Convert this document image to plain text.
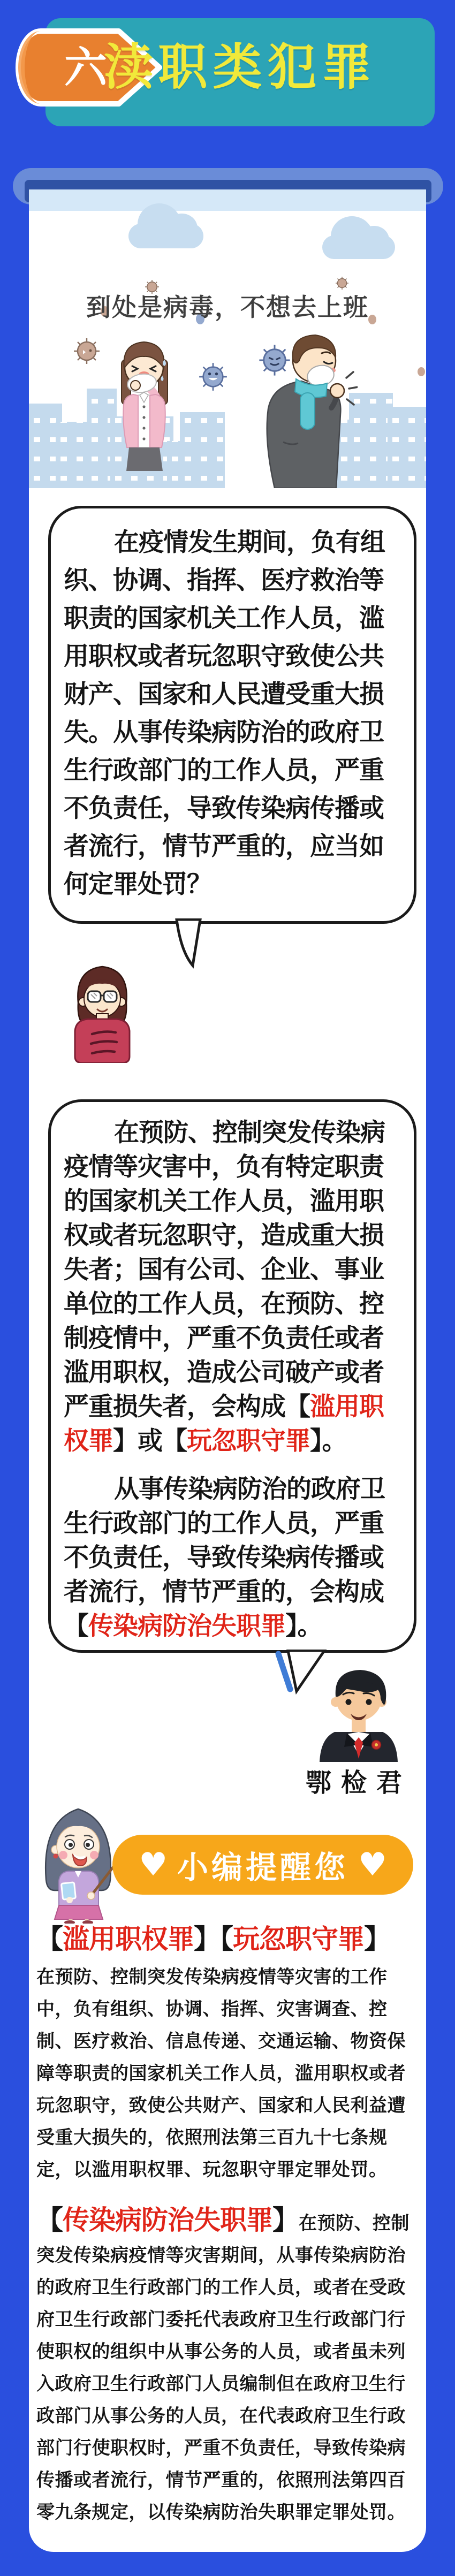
六
渎职类犯罪
到处是病毒，不想去上班

在疫情发生期间，负有组织、协调、指挥、医疗救治等职责的国家机关工作人员，滥用职权或者玩忽职守致使公共财产、国家和人民遭受重大损失。从事传染病防治的政府卫生行政部门的工作人员，严重不负责任，导致传染病传播或者流行，情节严重的，应当如何定罪处罚？

在预防、控制突发传染病疫情等灾害中，负有特定职责的国家机关工作人员，滥用职权或者玩忽职守，造成重大损失者；国有公司、企业、事业单位的工作人员，在预防、控制疫情中，严重不负责任或者滥用职权，造成公司破产或者严重损失者，会构成【滥用职权罪】或【玩忽职守罪】。

从事传染病防治的政府卫生行政部门的工作人员，严重不负责任，导致传染病传播或者流行，情节严重的，会构成【传染病防治失职罪】。

鄂检君
♥ 小编提醒您 ♥

【滥用职权罪】【玩忽职守罪】

在预防、控制突发传染病疫情等灾害的工作中，负有组织、协调、指挥、灾害调查、控制、医疗救治、信息传递、交通运输、物资保障等职责的国家机关工作人员，滥用职权或者玩忽职守，致使公共财产、国家和人民利益遭受重大损失的，依照刑法第三百九十七条规定，以滥用职权罪、玩忽职守罪定罪处罚。

【传染病防治失职罪】在预防、控制突发传染病疫情等灾害期间，从事传染病防治的政府卫生行政部门的工作人员，或者在受政府卫生行政部门委托代表政府卫生行政部门行使职权的组织中从事公务的人员，或者虽未列入政府卫生行政部门人员编制但在政府卫生行政部门从事公务的人员，在代表政府卫生行政部门行使职权时，严重不负责任，导致传染病传播或者流行，情节严重的，依照刑法第四百零九条规定，以传染病防治失职罪定罪处罚。
